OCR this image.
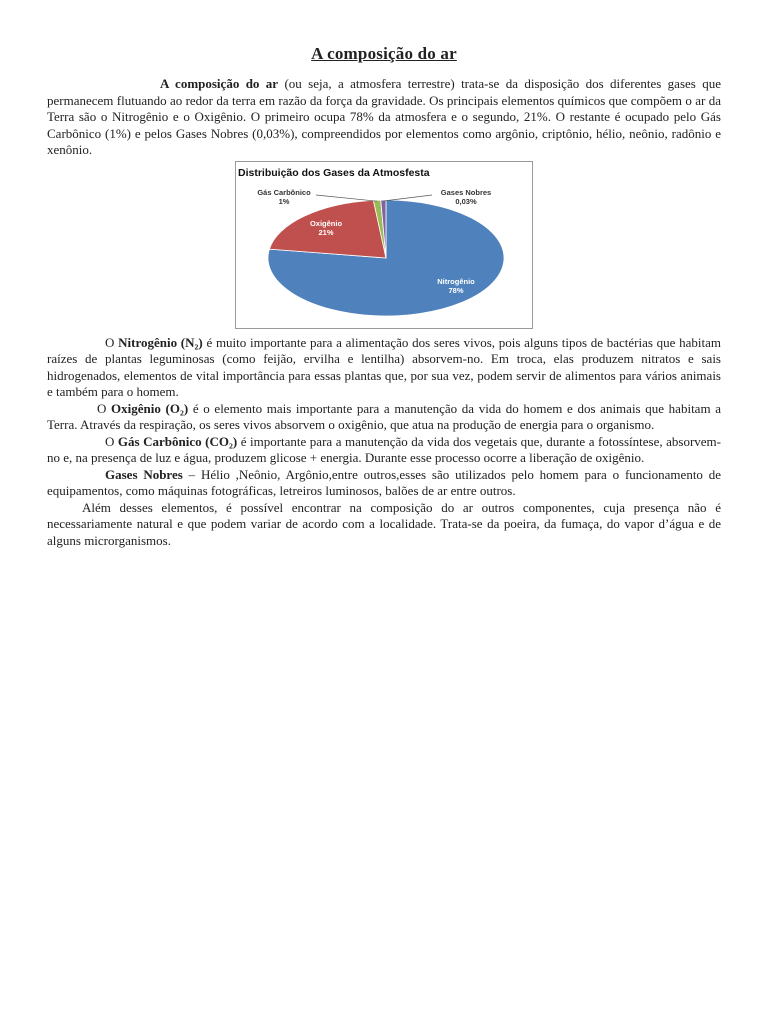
A composição do ar

A composição do ar (ou seja, a atmosfera terrestre) trata-se da disposição dos diferentes gases que permanecem flutuando ao redor da terra em razão da força da gravidade. Os principais elementos químicos que compõem o ar da Terra são o Nitrogênio e o Oxigênio. O primeiro ocupa 78% da atmosfera e o segundo, 21%. O restante é ocupado pelo Gás Carbônico (1%) e pelos Gases Nobres (0,03%), compreendidos por elementos como argônio, criptônio, hélio, neônio, radônio e xenônio.

Distribuição dos Gases da Atmosfesta
Nitrogênio
78%
Oxigênio
21%
Gás Carbônico
1%
Gases Nobres
0,03%

O Nitrogênio (N₂) é muito importante para a alimentação dos seres vivos, pois alguns tipos de bactérias que habitam raízes de plantas leguminosas (como feijão, ervilha e lentilha) absorvem-no. Em troca, elas produzem nitratos e sais hidrogenados, elementos de vital importância para essas plantas que, por sua vez, podem servir de alimentos para vários animais e também para o homem.

O Oxigênio (O₂) é o elemento mais importante para a manutenção da vida do homem e dos animais que habitam a Terra. Através da respiração, os seres vivos absorvem o oxigênio, que atua na produção de energia para o organismo.

O Gás Carbônico (CO₂) é importante para a manutenção da vida dos vegetais que, durante a fotossíntese, absorvem-no e, na presença de luz e água, produzem glicose + energia. Durante esse processo ocorre a liberação de oxigênio.

Gases Nobres – Hélio ,Neônio, Argônio,entre outros,esses são utilizados pelo homem para o funcionamento de equipamentos, como máquinas fotográficas, letreiros luminosos, balões de ar entre outros.

Além desses elementos, é possível encontrar na composição do ar outros componentes, cuja presença não é necessariamente natural e que podem variar de acordo com a localidade. Trata-se da poeira, da fumaça, do vapor d’água e de alguns microrganismos.
